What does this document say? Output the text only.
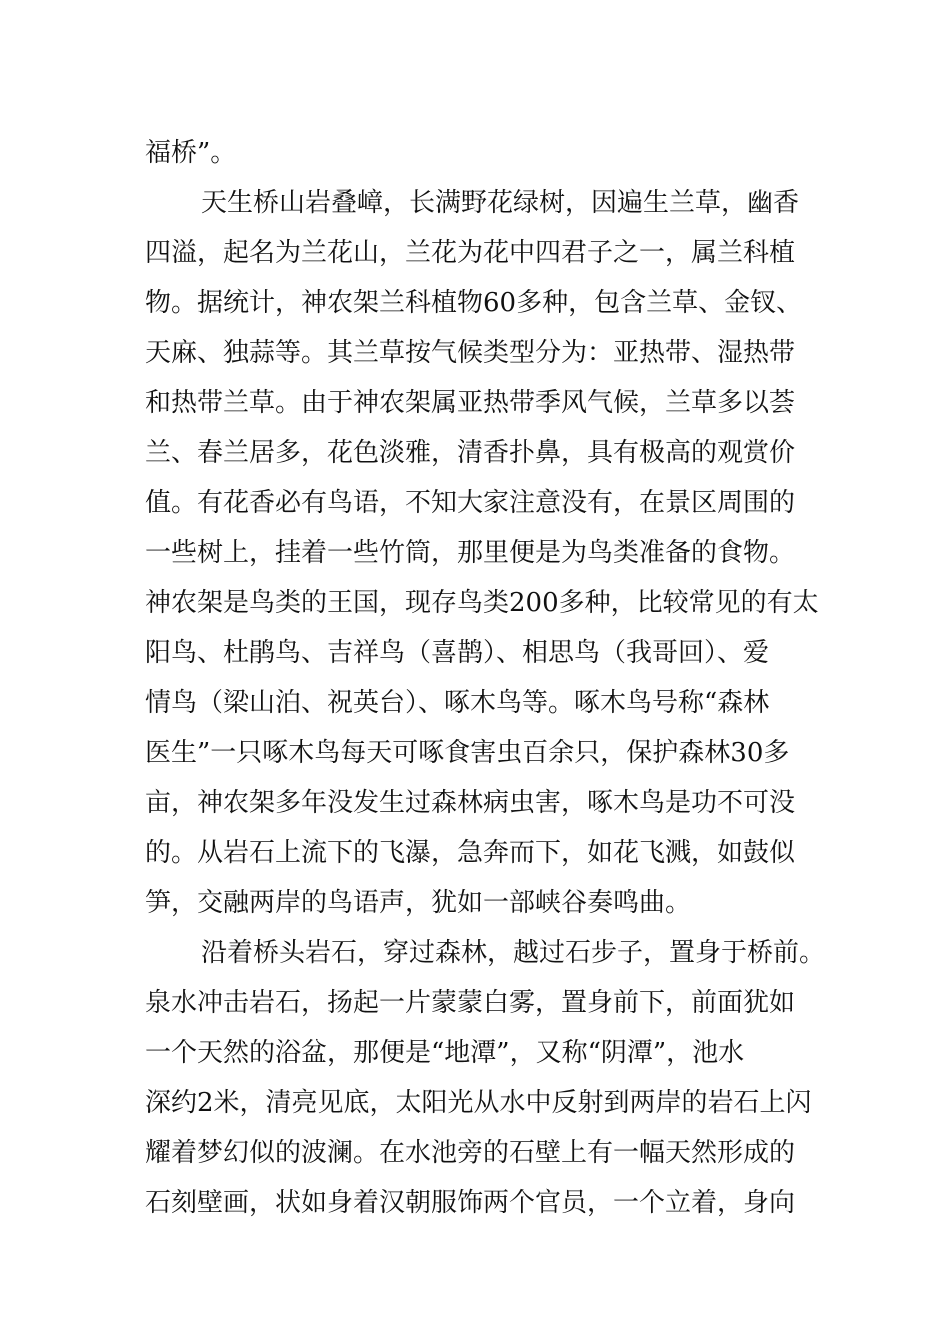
福桥”。
天生桥山岩叠嶂，长满野花绿树，因遍生兰草，幽香
四溢，起名为兰花山，兰花为花中四君子之一，属兰科植
物。据统计，神农架兰科植物60多种，包含兰草、金钗、
天麻、独蒜等。其兰草按气候类型分为：亚热带、湿热带
和热带兰草。由于神农架属亚热带季风气候，兰草多以荟
兰、春兰居多，花色淡雅，清香扑鼻，具有极高的观赏价
值。有花香必有鸟语，不知大家注意没有，在景区周围的
一些树上，挂着一些竹筒，那里便是为鸟类准备的食物。
神农架是鸟类的王国，现存鸟类200多种，比较常见的有太
阳鸟、杜鹃鸟、吉祥鸟（喜鹊）、相思鸟（我哥回）、爱
情鸟（梁山泊、祝英台）、啄木鸟等。啄木鸟号称“森林
医生”一只啄木鸟每天可啄食害虫百余只，保护森林30多
亩，神农架多年没发生过森林病虫害，啄木鸟是功不可没
的。从岩石上流下的飞瀑，急奔而下，如花飞溅，如鼓似
笋，交融两岸的鸟语声，犹如一部峡谷奏鸣曲。
沿着桥头岩石，穿过森林，越过石步子，置身于桥前。
泉水冲击岩石，扬起一片蒙蒙白雾，置身前下，前面犹如
一个天然的浴盆，那便是“地潭”，又称“阴潭”，池水
深约2米，清亮见底，太阳光从水中反射到两岸的岩石上闪
耀着梦幻似的波澜。在水池旁的石壁上有一幅天然形成的
石刻壁画，状如身着汉朝服饰两个官员，一个立着，身向
